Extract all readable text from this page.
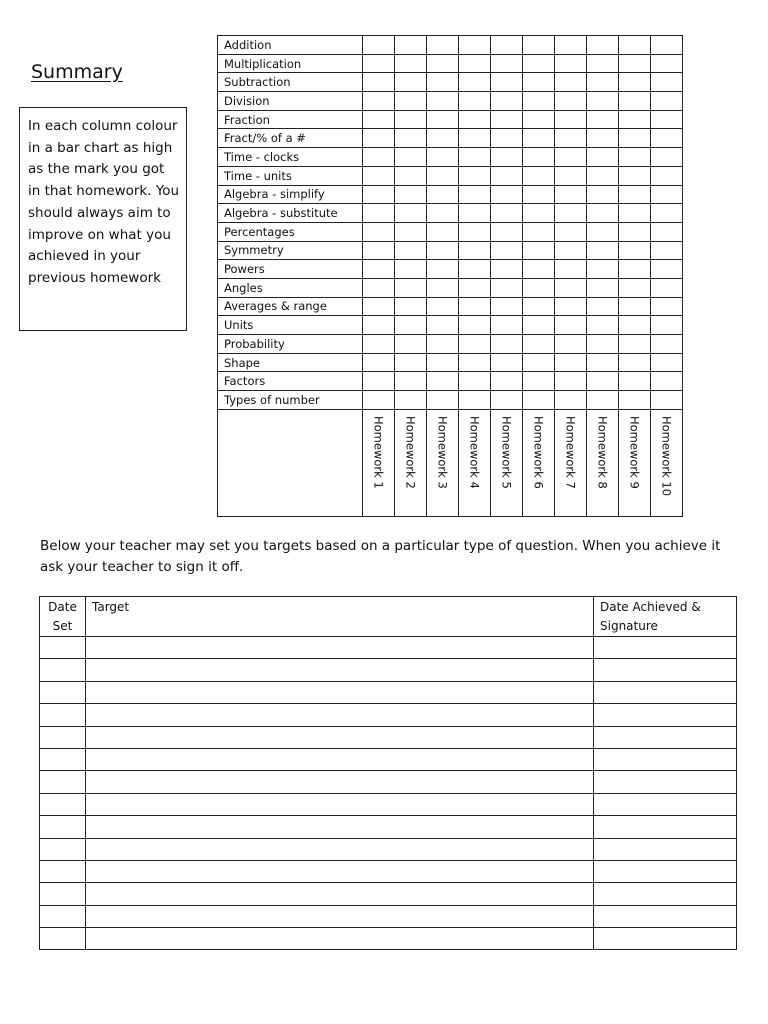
Summary
In each column colour in a bar chart as high as the mark you got in that homework. You should always aim to improve on what you achieved in your previous homework
Addition										
Multiplication										
Subtraction										
Division										
Fraction										
Fract/% of a #										
Time - clocks										
Time - units										
Algebra - simplify										
Algebra - substitute										
Percentages										
Symmetry										
Powers										
Angles										
Averages & range										
Units										
Probability										
Shape										
Factors										
Types of number										
	Homework 1	Homework 2	Homework 3	Homework 4	Homework 5	Homework 6	Homework 7	Homework 8	Homework 9	Homework 10
Below your teacher may set you targets based on a particular type of question. When you achieve it ask your teacher to sign it off.
Date Set	Target	Date Achieved & Signature
